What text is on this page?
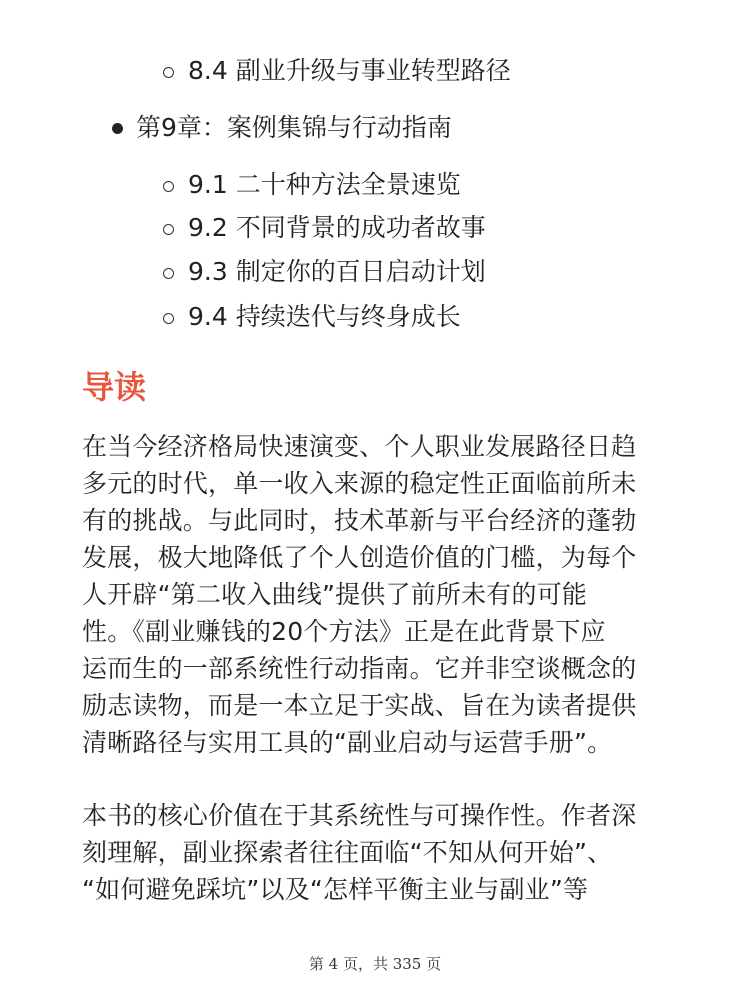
8.4 副业升级与事业转型路径
第9章：案例集锦与行动指南
9.1 二十种方法全景速览
9.2 不同背景的成功者故事
9.3 制定你的百日启动计划
9.4 持续迭代与终身成长
导读
在当今经济格局快速演变、个人职业发展路径日趋
多元的时代，单一收入来源的稳定性正面临前所未
有的挑战。与此同时，技术革新与平台经济的蓬勃
发展，极大地降低了个人创造价值的门槛，为每个
人开辟“第二收入曲线”提供了前所未有的可能
性。《副业赚钱的20个方法》正是在此背景下应
运而生的一部系统性行动指南。它并非空谈概念的
励志读物，而是一本立足于实战、旨在为读者提供
清晰路径与实用工具的“副业启动与运营手册”。
本书的核心价值在于其系统性与可操作性。作者深
刻理解，副业探索者往往面临“不知从何开始”、
“如何避免踩坑”以及“怎样平衡主业与副业”等
第 4 页，共 335 页
